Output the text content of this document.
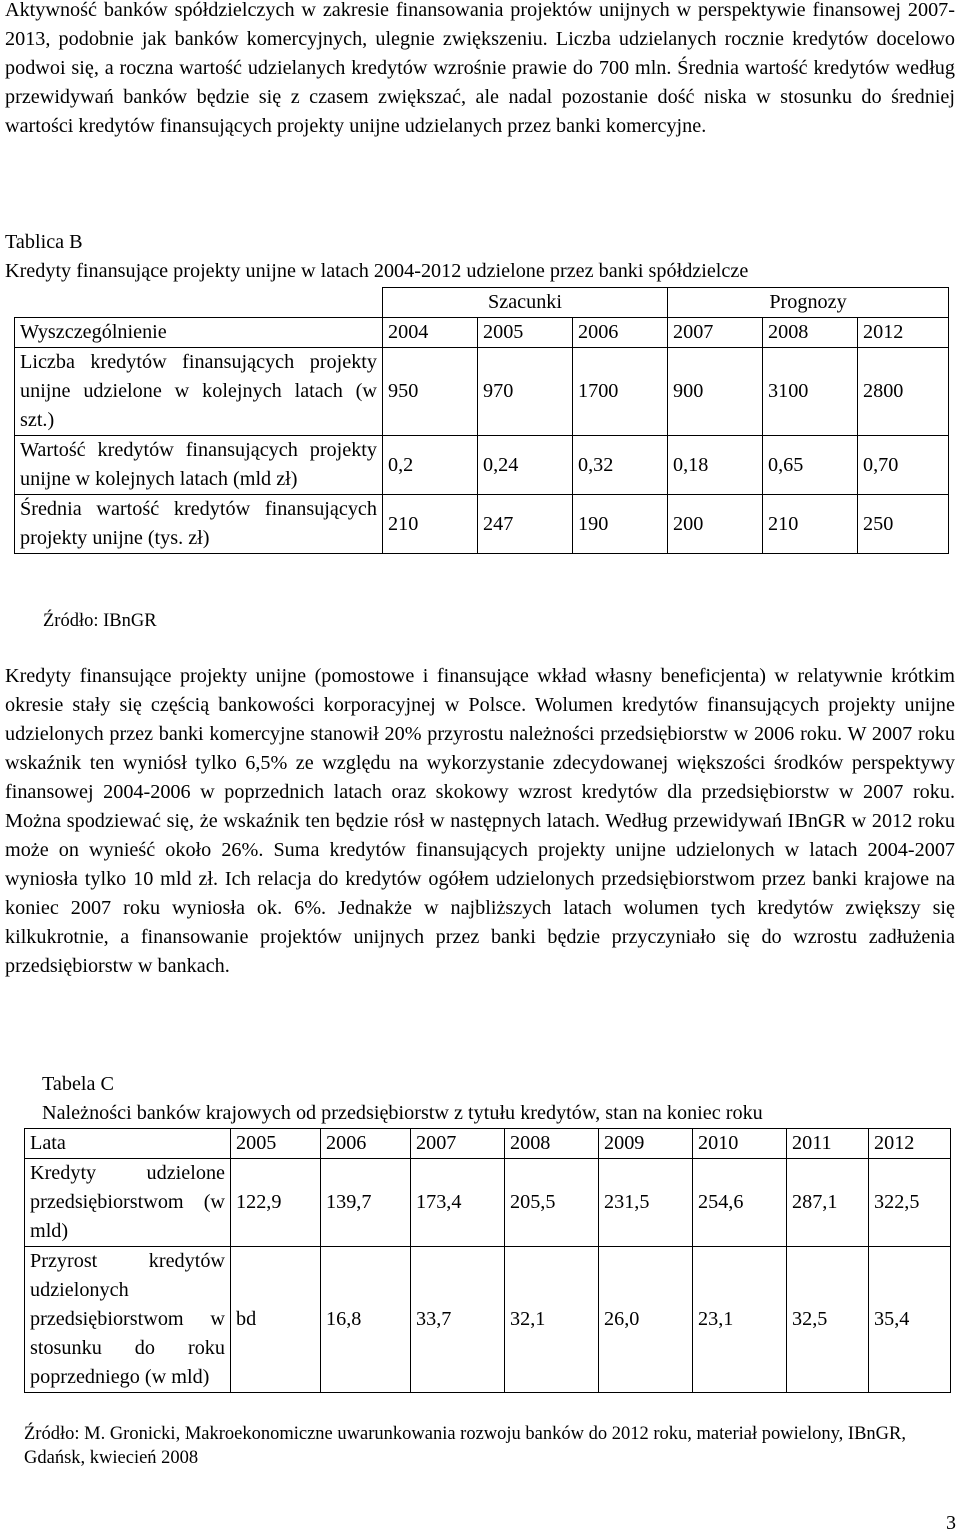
Aktywność banków spółdzielczych w zakresie finansowania projektów unijnych w perspektywie finansowej 2007-2013, podobnie jak banków komercyjnych, ulegnie zwiększeniu. Liczba udzielanych rocznie kredytów docelowo podwoi się, a roczna wartość udzielanych kredytów wzrośnie prawie do 700 mln. Średnia wartość kredytów według przewidywań banków będzie się z czasem zwiększać, ale nadal pozostanie dość niska w stosunku do średniej wartości kredytów finansujących projekty unijne udzielanych przez banki komercyjne.

Tablica B

Kredyty finansujące projekty unijne w latach 2004-2012 udzielone przez banki spółdzielcze

	Szacunki			Prognozy		
Wyszczególnienie	2004	2005	2006	2007	2008	2012
Liczba kredytów finansujących projekty unijne udzielone w kolejnych latach (w szt.)	950	970	1700	900	3100	2800
Wartość kredytów finansujących projekty unijne w kolejnych latach (mld zł)	0,2	0,24	0,32	0,18	0,65	0,70
Średnia wartość kredytów finansujących projekty unijne (tys. zł)	210	247	190	200	210	250

Źródło: IBnGR

Kredyty finansujące projekty unijne (pomostowe i finansujące wkład własny beneficjenta) w relatywnie krótkim okresie stały się częścią bankowości korporacyjnej w Polsce. Wolumen kredytów finansujących projekty unijne udzielonych przez banki komercyjne stanowił 20% przyrostu należności przedsiębiorstw w 2006 roku. W 2007 roku wskaźnik ten wyniósł tylko 6,5% ze względu na wykorzystanie zdecydowanej większości środków perspektywy finansowej 2004-2006 w poprzednich latach oraz skokowy wzrost kredytów dla przedsiębiorstw w 2007 roku. Można spodziewać się, że wskaźnik ten będzie rósł w następnych latach. Według przewidywań IBnGR w 2012 roku może on wynieść około 26%. Suma kredytów finansujących projekty unijne udzielonych w latach 2004-2007 wyniosła tylko 10 mld zł. Ich relacja do kredytów ogółem udzielonych przedsiębiorstwom przez banki krajowe na koniec 2007 roku wyniosła ok. 6%. Jednakże w najbliższych latach wolumen tych kredytów zwiększy się kilkukrotnie, a finansowanie projektów unijnych przez banki będzie przyczyniało się do wzrostu zadłużenia przedsiębiorstw w bankach.

Tabela C

Należności banków krajowych od przedsiębiorstw z tytułu kredytów, stan na koniec roku

Lata	2005	2006	2007	2008	2009	2010	2011	2012
Kredyty udzielone przedsiębiorstwom (w mld)	122,9	139,7	173,4	205,5	231,5	254,6	287,1	322,5
Przyrost kredytów udzielonych przedsiębiorstwom w stosunku do roku poprzedniego (w mld)	bd	16,8	33,7	32,1	26,0	23,1	32,5	35,4

Źródło: M. Gronicki, Makroekonomiczne uwarunkowania rozwoju banków do 2012 roku, materiał powielony, IBnGR, Gdańsk, kwiecień 2008

3
